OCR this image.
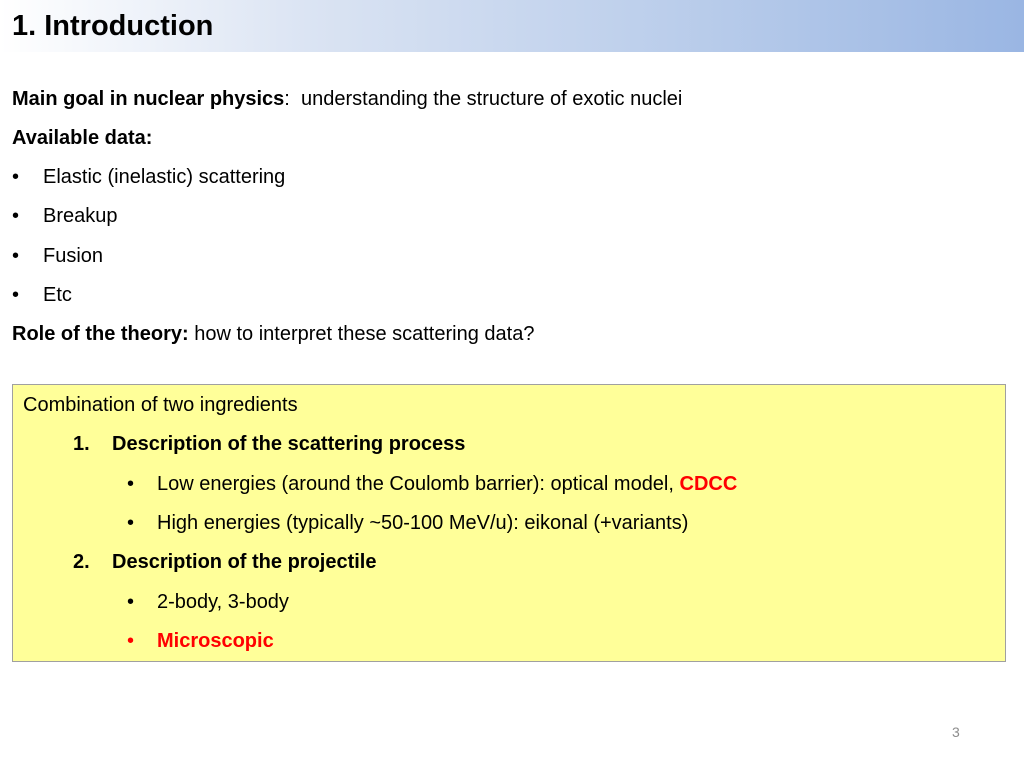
1. Introduction
Main goal in nuclear physics: understanding the structure of exotic nuclei
Available data:
• Elastic (inelastic) scattering
• Breakup
• Fusion
• Etc
Role of the theory: how to interpret these scattering data?
Combination of two ingredients
1. Description of the scattering process
• Low energies (around the Coulomb barrier): optical model, CDCC
• High energies (typically ~50-100 MeV/u): eikonal (+variants)
2. Description of the projectile
• 2-body, 3-body
• Microscopic
3
